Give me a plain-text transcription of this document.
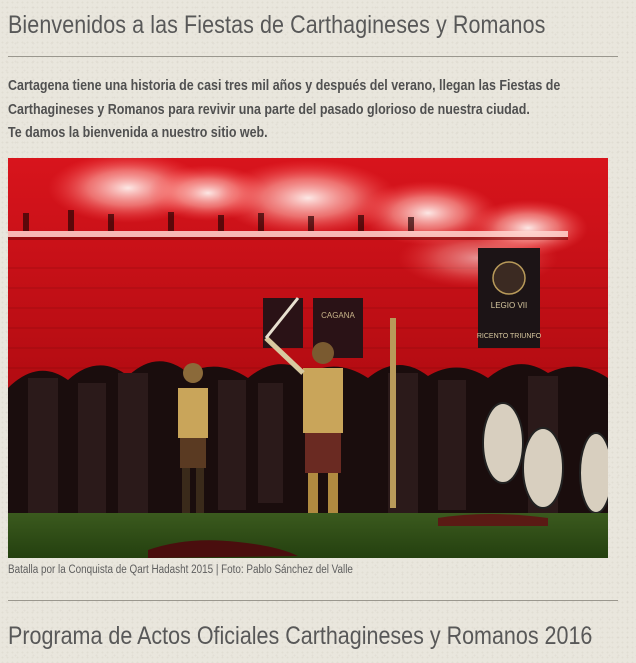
Bienvenidos a las Fiestas de Carthagineses y Romanos

Cartagena tiene una historia de casi tres mil años y después del verano, llegan las Fiestas de

Carthagineses y Romanos para revivir una parte del pasado glorioso de nuestra ciudad.

Te damos la bienvenida a nuestro sitio web.

LEGIO VII
RICENTO TRIUNFO
CAGANA
Batalla por la Conquista de Qart Hadasht 2015 | Foto: Pablo Sánchez del Valle
Programa de Actos Oficiales Carthagineses y Romanos 2016
